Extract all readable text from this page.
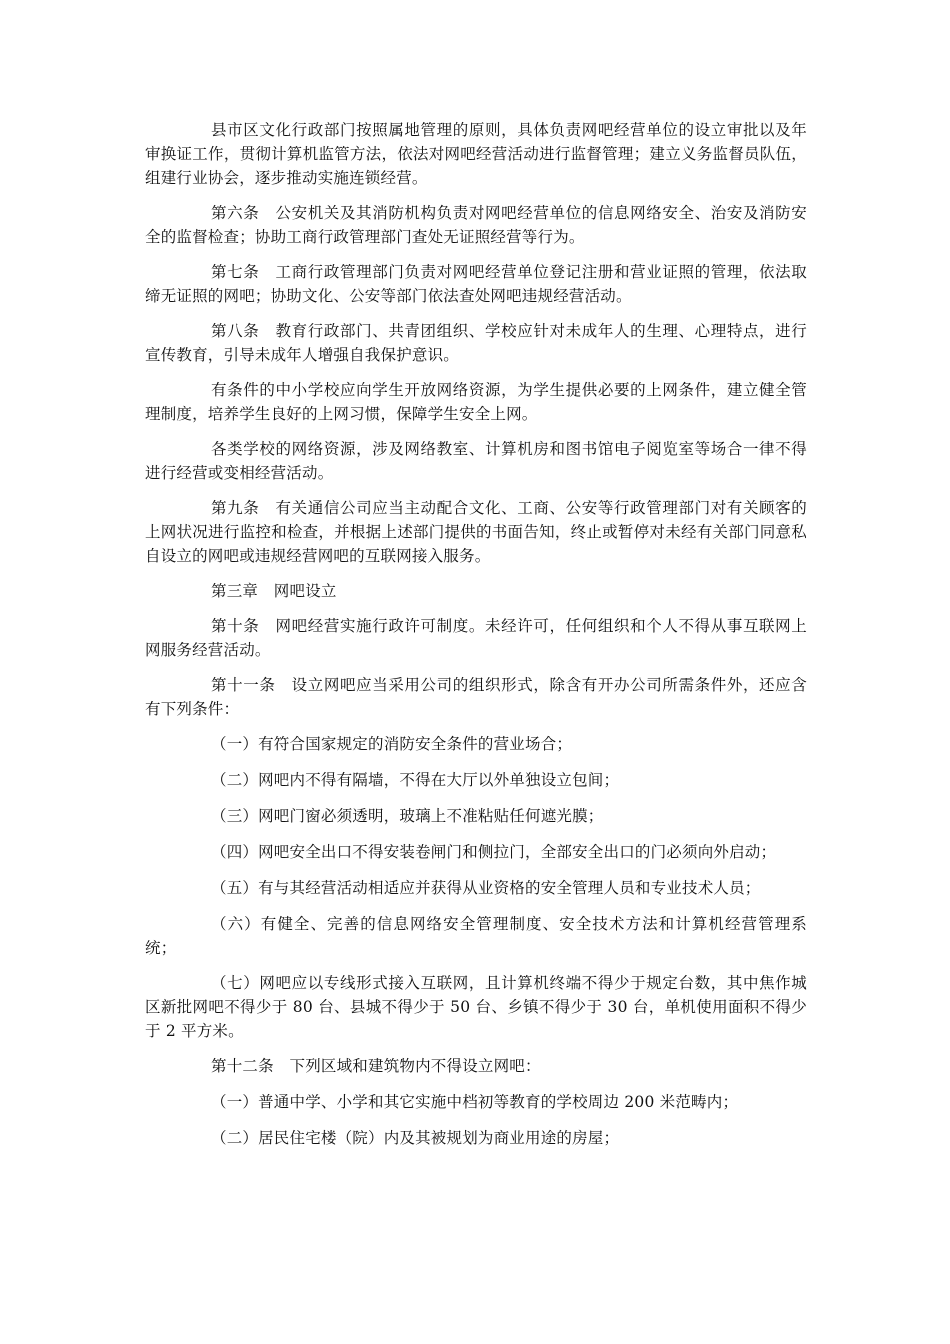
县市区文化行政部门按照属地管理的原则，具体负责网吧经营单位的设立审批以及年审换证工作，贯彻计算机监管方法，依法对网吧经营活动进行监督管理；建立义务监督员队伍，组建行业协会，逐步推动实施连锁经营。

第六条　公安机关及其消防机构负责对网吧经营单位的信息网络安全、治安及消防安全的监督检查；协助工商行政管理部门查处无证照经营等行为。

第七条　工商行政管理部门负责对网吧经营单位登记注册和营业证照的管理，依法取缔无证照的网吧；协助文化、公安等部门依法查处网吧违规经营活动。

第八条　教育行政部门、共青团组织、学校应针对未成年人的生理、心理特点，进行宣传教育，引导未成年人增强自我保护意识。

有条件的中小学校应向学生开放网络资源，为学生提供必要的上网条件，建立健全管理制度，培养学生良好的上网习惯，保障学生安全上网。

各类学校的网络资源，涉及网络教室、计算机房和图书馆电子阅览室等场合一律不得进行经营或变相经营活动。

第九条　有关通信公司应当主动配合文化、工商、公安等行政管理部门对有关顾客的上网状况进行监控和检查，并根据上述部门提供的书面告知，终止或暂停对未经有关部门同意私自设立的网吧或违规经营网吧的互联网接入服务。

第三章　网吧设立

第十条　网吧经营实施行政许可制度。未经许可，任何组织和个人不得从事互联网上网服务经营活动。

第十一条　设立网吧应当采用公司的组织形式，除含有开办公司所需条件外，还应含有下列条件：

（一）有符合国家规定的消防安全条件的营业场合；

（二）网吧内不得有隔墙，不得在大厅以外单独设立包间；

（三）网吧门窗必须透明，玻璃上不准粘贴任何遮光膜；

（四）网吧安全出口不得安装卷闸门和侧拉门，全部安全出口的门必须向外启动；

（五）有与其经营活动相适应并获得从业资格的安全管理人员和专业技术人员；

（六）有健全、完善的信息网络安全管理制度、安全技术方法和计算机经营管理系统；

（七）网吧应以专线形式接入互联网，且计算机终端不得少于规定台数，其中焦作城区新批网吧不得少于 80 台、县城不得少于 50 台、乡镇不得少于 30 台，单机使用面积不得少于 2 平方米。

第十二条　下列区域和建筑物内不得设立网吧：

（一）普通中学、小学和其它实施中档初等教育的学校周边 200 米范畴内；

（二）居民住宅楼（院）内及其被规划为商业用途的房屋；
